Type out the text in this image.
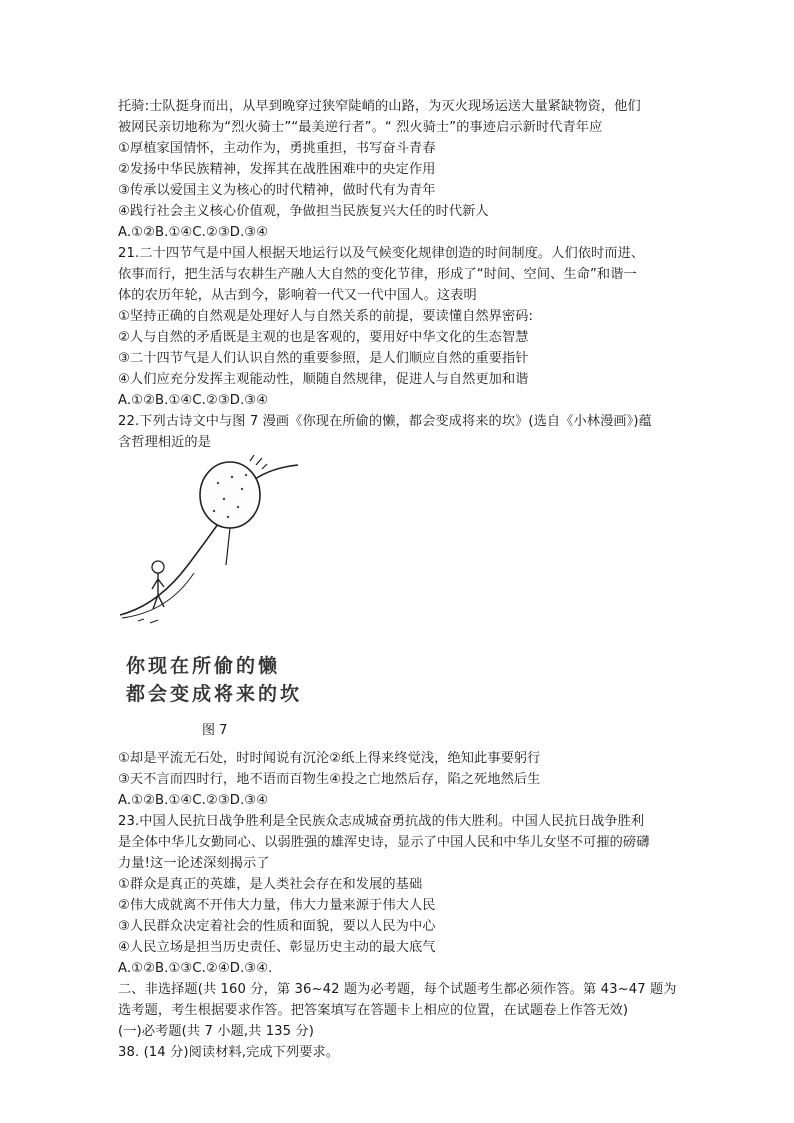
托骑:士队挺身而出，从早到晚穿过狭窄陡峭的山路，为灭火现场运送大量紧缺物资，他们
被网民亲切地称为“烈火骑士”“最美逆行者”。“ 烈火骑士”的事迹启示新时代青年应
①厚植家国情怀，主动作为，勇挑重担，书写奋斗青春
②发扬中华民族精神，发挥其在战胜困难中的央定作用
③传承以爱国主义为核心的时代精神，做时代有为青年
④践行社会主义核心价值观，争做担当民族复兴大任的时代新人
A.①②B.①④C.②③D.③④
21.二十四节气是中国人根据天地运行以及气候变化规律创造的时间制度。人们依时而进、
依事而行，把生活与农耕生产融人大自然的变化节律，形成了“时间、空间、生命”和谐一
体的农历年轮，从古到今，影响着一代又一代中国人。这表明
①坚持正确的自然观是处理好人与自然关系的前提，要读懂自然界密码:
②人与自然的矛盾既是主观的也是客观的，要用好中华文化的生态智慧
③二十四节气是人们认识自然的重要参照，是人们顺应自然的重要指针
④人们应充分发挥主观能动性，顺随自然规律，促进人与自然更加和谐
A.①②B.①④C.②③D.③④
22.下列古诗文中与图 7 漫画《你现在所偷的懒，都会变成将来的坎》(选自《小林漫画》)蕴
含哲理相近的是
你现在所偷的懒
都会变成将来的坎
图 7
①却是平流无石处，时时闻说有沉沦②纸上得来终觉浅，绝知此事要躬行
③天不言而四时行，地不语而百物生④投之亡地然后存，陷之死地然后生
A.①②B.①④C.②③D.③④
23.中国人民抗日战争胜利是全民族众志成城奋勇抗战的伟大胜利。中国人民抗日战争胜利
是全体中华儿女勤同心、以弱胜强的雄浑史诗，显示了中国人民和中华儿女坚不可摧的磅礴
力量!这一论述深刻揭示了
①群众是真正的英雄，是人类社会存在和发展的基础
②伟大成就离不开伟大力量，伟大力量来源于伟大人民
③人民群众决定着社会的性质和面貌，要以人民为中心
④人民立场是担当历史责任、彰显历史主动的最大底气
A.①②B.①③C.②④D.③④.
二、非选择题(共 160 分，第 36~42 题为必考题，每个试题考生都必须作答。第 43~47 题为
选考题，考生根据要求作答。把答案填写在答题卡上相应的位置，在试题卷上作答无效)
(一)必考题(共 7 小题,共 135 分)
38. (14 分)阅读材料,完成下列要求。
